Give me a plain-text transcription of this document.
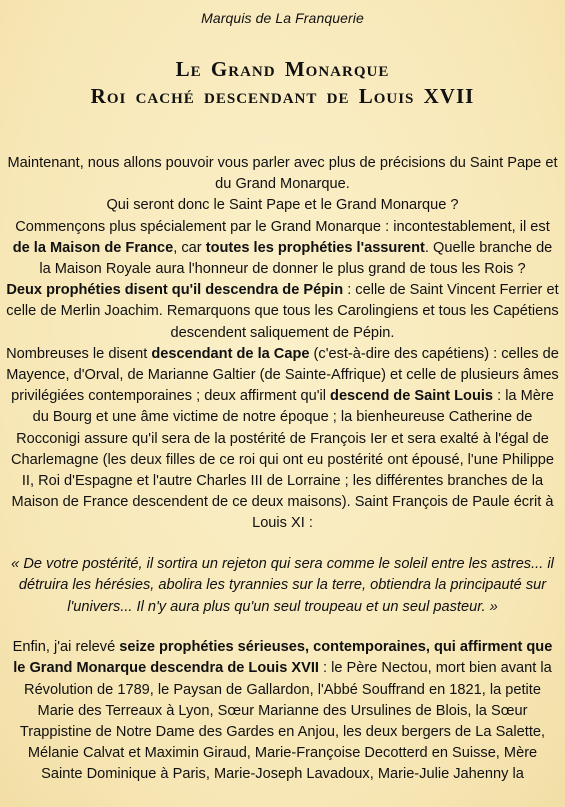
Marquis de La Franquerie
Le Grand Monarque
Roi caché descendant de Louis XVII

Maintenant, nous allons pouvoir vous parler avec plus de précisions du Saint Pape et du Grand Monarque.

Qui seront donc le Saint Pape et le Grand Monarque ?

Commençons plus spécialement par le Grand Monarque : incontestablement, il est de la Maison de France, car toutes les prophéties l'assurent. Quelle branche de la Maison Royale aura l'honneur de donner le plus grand de tous les Rois ?

Deux prophéties disent qu'il descendra de Pépin : celle de Saint Vincent Ferrier et celle de Merlin Joachim. Remarquons que tous les Carolingiens et tous les Capétiens descendent saliquement de Pépin.

Nombreuses le disent descendant de la Cape (c'est-à-dire des capétiens) : celles de Mayence, d'Orval, de Marianne Galtier (de Sainte-Affrique) et celle de plusieurs âmes privilégiées contemporaines ; deux affirment qu'il descend de Saint Louis : la Mère du Bourg et une âme victime de notre époque ; la bienheureuse Catherine de Rocconigi assure qu'il sera de la postérité de François Ier et sera exalté à l'égal de Charlemagne (les deux filles de ce roi qui ont eu postérité ont épousé, l'une Philippe II, Roi d'Espagne et l'autre Charles III de Lorraine ; les différentes branches de la Maison de France descendent de ce deux maisons). Saint François de Paule écrit à Louis XI :

« De votre postérité, il sortira un rejeton qui sera comme le soleil entre les astres... il détruira les hérésies, abolira les tyrannies sur la terre, obtiendra la principauté sur l'univers... Il n'y aura plus qu'un seul troupeau et un seul pasteur. »

Enfin, j'ai relevé seize prophéties sérieuses, contemporaines, qui affirment que le Grand Monarque descendra de Louis XVII : le Père Nectou, mort bien avant la Révolution de 1789, le Paysan de Gallardon, l'Abbé Souffrand en 1821, la petite Marie des Terreaux à Lyon, Sœur Marianne des Ursulines de Blois, la Sœur Trappistine de Notre Dame des Gardes en Anjou, les deux bergers de La Salette, Mélanie Calvat et Maximin Giraud, Marie-Françoise Decotterd en Suisse, Mère Sainte Dominique à Paris, Marie-Joseph Lavadoux, Marie-Julie Jahenny la
